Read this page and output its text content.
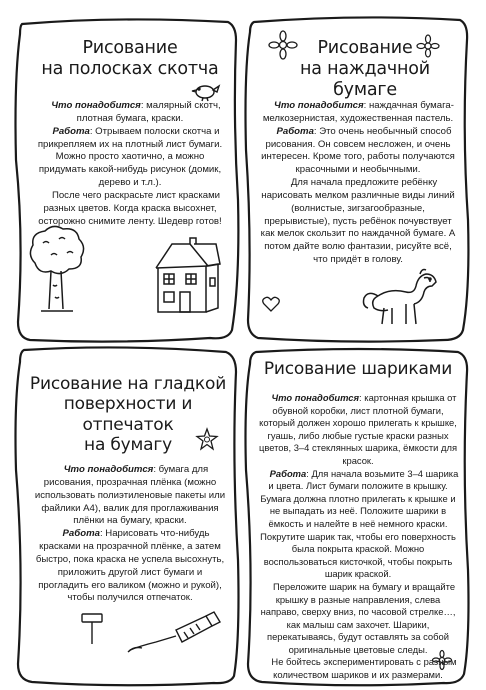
Рисование
на полосках скотча

Что понадобится: малярный скотч, плотная бумага, краски.

Работа: Отрываем полоски скотча и прикрепляем их на плотный лист бумаги. Можно просто хаотично, а можно придумать какой-нибудь рисунок (домик, дерево и т.л.).

После чего раскрасьте лист красками разных цветов. Когда краска высохнет, осторожно снимите ленту. Шедевр готов!

Рисование
на наждачной бумаге

Что понадобится: наждачная бумага-мелкозернистая, художественная пастель.

Работа: Это очень необычный способ рисования. Он совсем несложен, и очень интересен. Кроме того, работы получаются красочными и необычными.

Для начала предложите ребёнку нарисовать мелком различные виды линий (волнистые, зигзагообразные, прерывистые), пусть ребёнок почувствует как мелок скользит по наждачной бумаге. А потом дайте волю фантазии, рисуйте всё, что придёт в голову.

Рисование на гладкой
поверхности и отпечаток
на бумагу

Что понадобится: бумага для рисования, прозрачная плёнка (можно использовать полиэтиленовые пакеты или файлики А4), валик для проглаживания плёнки на бумагу, краски.

Работа: Нарисовать что-нибудь красками на прозрачной плёнке, а затем быстро, пока краска не успела высохнуть, приложить другой лист бумаги и прогладить его валиком (можно и рукой), чтобы получился отпечаток.

Рисование шариками

Что понадобится: картонная крышка от обувной коробки, лист плотной бумаги, который должен хорошо прилегать к крышке, гуашь, либо любые густые краски разных цветов, 3–4 стеклянных шарика, ёмкости для красок.

Работа: Для начала возьмите 3–4 шарика и цвета. Лист бумаги положите в крышку. Бумага должна плотно прилегать к крышке и не выпадать из неё. Положите шарики в ёмкость и налейте в неё немного краски. Покрутите шарик так, чтобы его поверхность была покрыта краской. Можно воспользоваться кисточкой, чтобы покрыть шарик краской.

Переложите шарик на бумагу и вращайте крышку в разные направления, слева направо, сверху вниз, по часовой стрелке…, как малыш сам захочет. Шарики, перекатываясь, будут оставлять за собой оригинальные цветовые следы.

Не бойтесь экспериментировать с разным количеством шариков и их размерами.
